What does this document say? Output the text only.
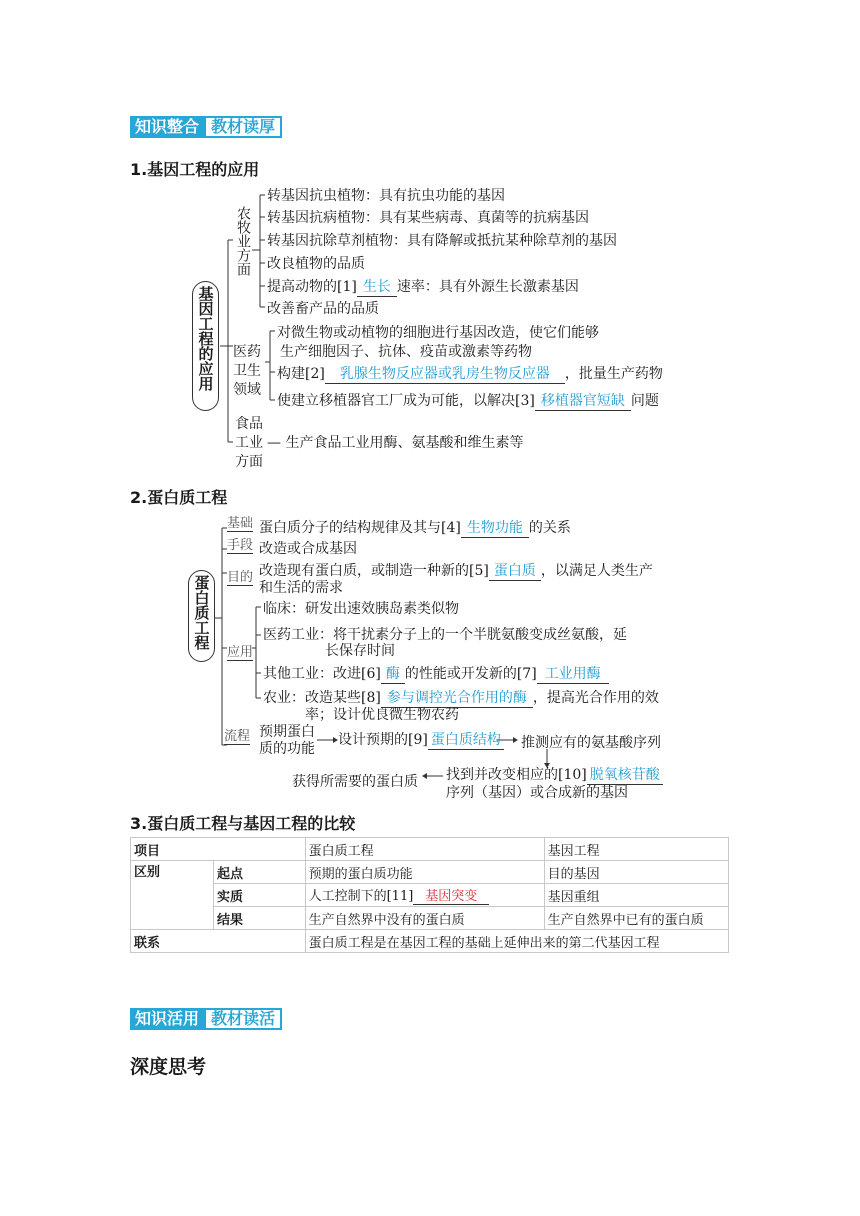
知识整合 教材读厚
1.基因工程的应用
基因工程的应用
农牧业方面
转基因抗虫植物：具有抗虫功能的基因
转基因抗病植物：具有某些病毒、真菌等的抗病基因
转基因抗除草剂植物：具有降解或抵抗某种除草剂的基因
改良植物的品质
提高动物的[1] 生长 速率：具有外源生长激素基因
改善畜产品的品质
医药卫生领域
对微生物或动植物的细胞进行基因改造，使它们能够
生产细胞因子、抗体、疫苗或激素等药物
构建[2] 乳腺生物反应器或乳房生物反应器 ，批量生产药物
使建立移植器官工厂成为可能，以解决[3] 移植器官短缺 问题
食品
工业
方面
— 生产食品工业用酶、氨基酸和维生素等
2.蛋白质工程
蛋白质工程
基础 蛋白质分子的结构规律及其与[4] 生物功能 的关系
手段 改造或合成基因
目的 改造现有蛋白质，或制造一种新的[5] 蛋白质 ，以满足人类生产
和生活的需求
应用
临床：研发出速效胰岛素类似物
医药工业：将干扰素分子上的一个半胱氨酸变成丝氨酸，延
长保存时间
其他工业：改进[6] 酶 的性能或开发新的[7] 工业用酶
农业：改造某些[8] 参与调控光合作用的酶 ，提高光合作用的效
率；设计优良微生物农药
流程 预期蛋白
质的功能
设计预期的[9] 蛋白质结构 推测应有的氨基酸序列
找到并改变相应的[10] 脱氧核苷酸
序列（基因）或合成新的基因
获得所需要的蛋白质
3.蛋白质工程与基因工程的比较
项目		蛋白质工程	基因工程
区别	起点	预期的蛋白质功能	目的基因
	实质	人工控制下的[11] 基因突变	基因重组
	结果	生产自然界中没有的蛋白质	生产自然界中已有的蛋白质
联系		蛋白质工程是在基因工程的基础上延伸出来的第二代基因工程	
知识活用 教材读活
深度思考
